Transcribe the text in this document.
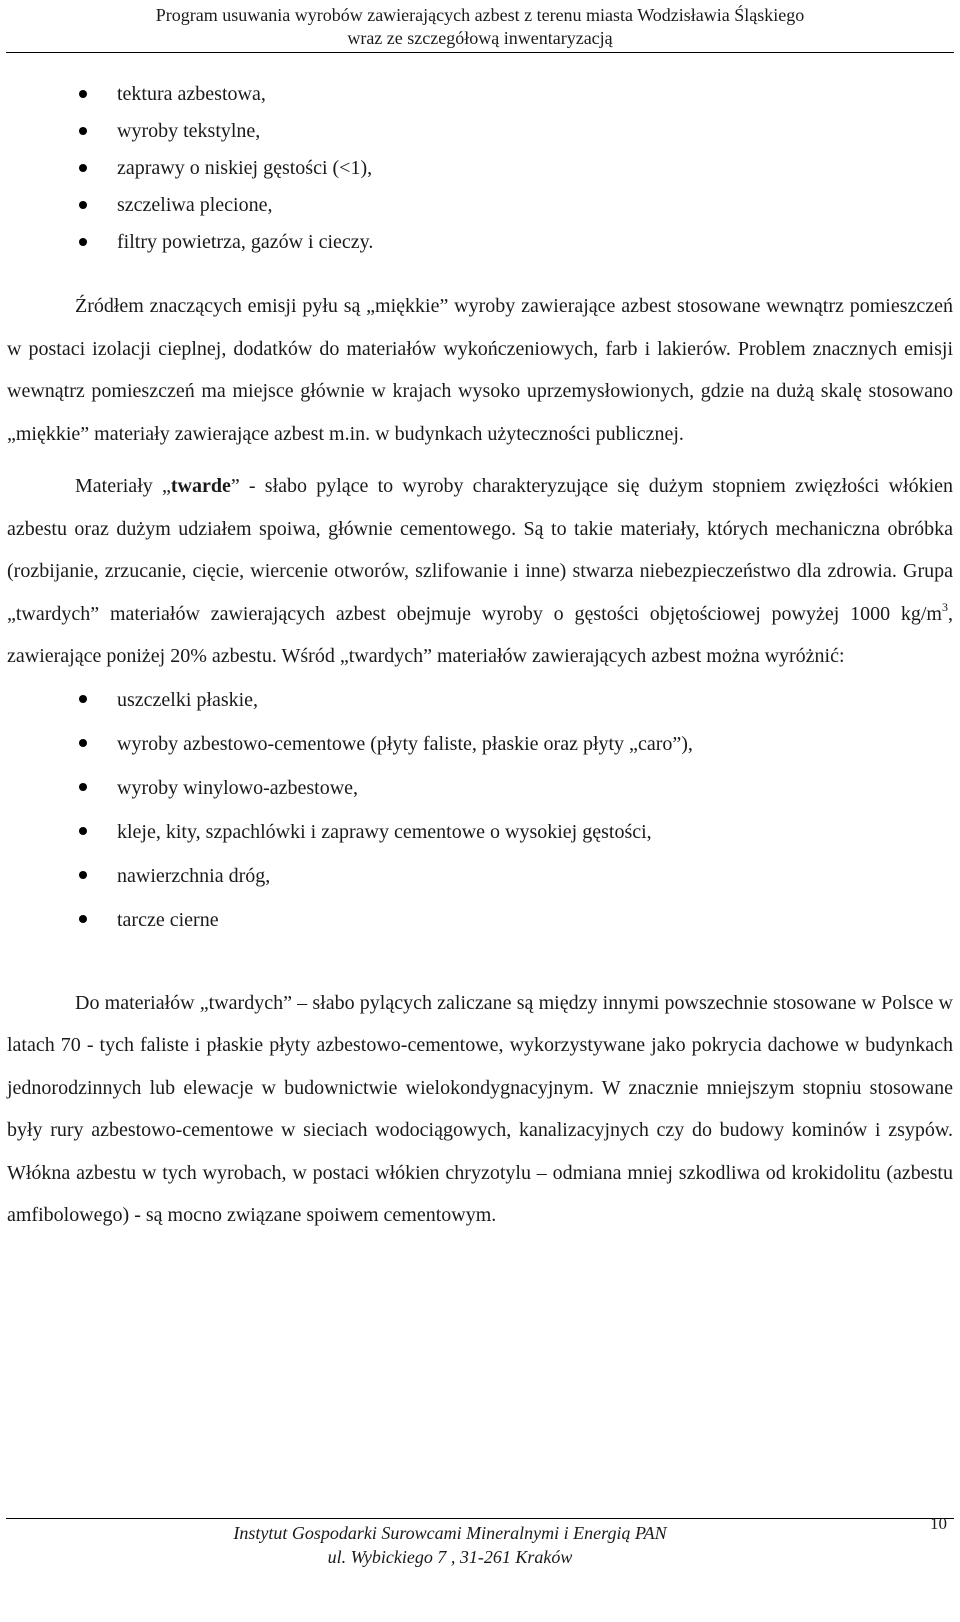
Program usuwania wyrobów zawierających azbest z terenu miasta Wodzisławia Śląskiego
wraz ze szczegółową inwentaryzacją
tektura azbestowa,
wyroby tekstylne,
zaprawy o niskiej gęstości (<1),
szczeliwa plecione,
filtry powietrza, gazów i cieczy.

Źródłem znaczących emisji pyłu są „miękkie” wyroby zawierające azbest stosowane wewnątrz pomieszczeń w postaci izolacji cieplnej, dodatków do materiałów wykończeniowych, farb i lakierów. Problem znacznych emisji wewnątrz pomieszczeń ma miejsce głównie w krajach wysoko uprzemysłowionych, gdzie na dużą skalę stosowano „miękkie” materiały zawierające azbest m.in. w budynkach użyteczności publicznej.

Materiały „twarde” - słabo pylące to wyroby charakteryzujące się dużym stopniem zwięzłości włókien azbestu oraz dużym udziałem spoiwa, głównie cementowego. Są to takie materiały, których mechaniczna obróbka (rozbijanie, zrzucanie, cięcie, wiercenie otworów, szlifowanie i inne) stwarza niebezpieczeństwo dla zdrowia. Grupa „twardych” materiałów zawierających azbest obejmuje wyroby o gęstości objętościowej powyżej 1000 $kg/m^3$, zawierające poniżej 20% azbestu. Wśród „twardych” materiałów zawierających azbest można wyróżnić:

uszczelki płaskie,
wyroby azbestowo-cementowe (płyty faliste, płaskie oraz płyty „caro”),
wyroby winylowo-azbestowe,
kleje, kity, szpachlówki i zaprawy cementowe o wysokiej gęstości,
nawierzchnia dróg,
tarcze cierne

Do materiałów „twardych” – słabo pylących zaliczane są między innymi powszechnie stosowane w Polsce w latach 70 - tych faliste i płaskie płyty azbestowo-cementowe, wykorzystywane jako pokrycia dachowe w budynkach jednorodzinnych lub elewacje w budownictwie wielokondygnacyjnym. W znacznie mniejszym stopniu stosowane były rury azbestowo-cementowe w sieciach wodociągowych, kanalizacyjnych czy do budowy kominów i zsypów. Włókna azbestu w tych wyrobach, w postaci włókien chryzotylu – odmiana mniej szkodliwa od krokidolitu (azbestu amfibolowego) - są mocno związane spoiwem cementowym.

Instytut Gospodarki Surowcami Mineralnymi i Energią PAN
ul. Wybickiego 7 , 31-261 Kraków
10
